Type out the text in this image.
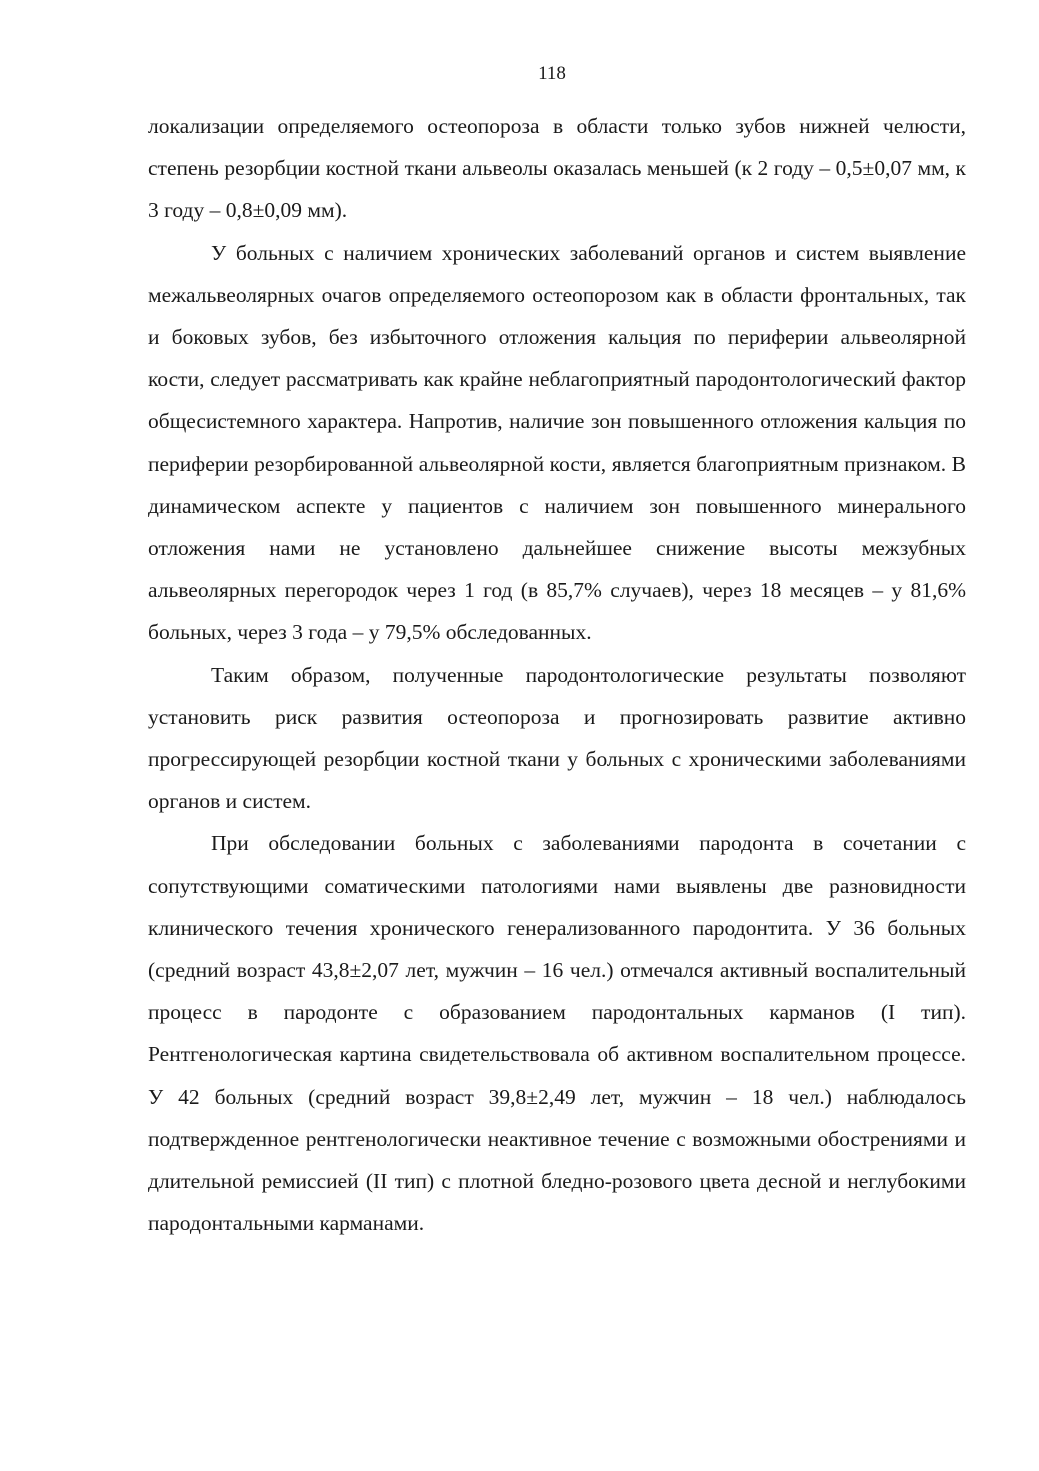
118

локализации определяемого остеопороза в области только зубов нижней челюсти, степень резорбции костной ткани альвеолы оказалась меньшей (к 2 году – 0,5±0,07 мм, к 3 году – 0,8±0,09 мм).

У больных с наличием хронических заболеваний органов и систем выявление межальвеолярных очагов определяемого остеопорозом как в области фронтальных, так и боковых зубов, без избыточного отложения кальция по периферии альвеолярной кости, следует рассматривать как крайне неблагоприятный пародонтологический фактор общесистемного характера. Напротив, наличие зон повышенного отложения кальция по периферии резорбированной альвеолярной кости, является благоприятным признаком. В динамическом аспекте у пациентов с наличием зон повышенного минерального отложения нами не установлено дальнейшее снижение высоты межзубных альвеолярных перегородок через 1 год (в 85,7% случаев), через 18 месяцев – у 81,6% больных, через 3 года – у 79,5% обследованных.

Таким образом, полученные пародонтологические результаты позволяют установить риск развития остеопороза и прогнозировать развитие активно прогрессирующей резорбции костной ткани у больных с хроническими заболеваниями органов и систем.

При обследовании больных с заболеваниями пародонта в сочетании с сопутствующими соматическими патологиями нами выявлены две разновидности клинического течения хронического генерализованного пародонтита. У 36 больных (средний возраст 43,8±2,07 лет, мужчин – 16 чел.) отмечался активный воспалительный процесс в пародонте с образованием пародонтальных карманов (I тип). Рентгенологическая картина свидетельствовала об активном воспалительном процессе. У 42 больных (средний возраст 39,8±2,49 лет, мужчин – 18 чел.) наблюдалось подтвержденное рентгенологически неактивное течение с возможными обострениями и длительной ремиссией (II тип) с плотной бледно-розового цвета десной и неглубокими пародонтальными карманами.
